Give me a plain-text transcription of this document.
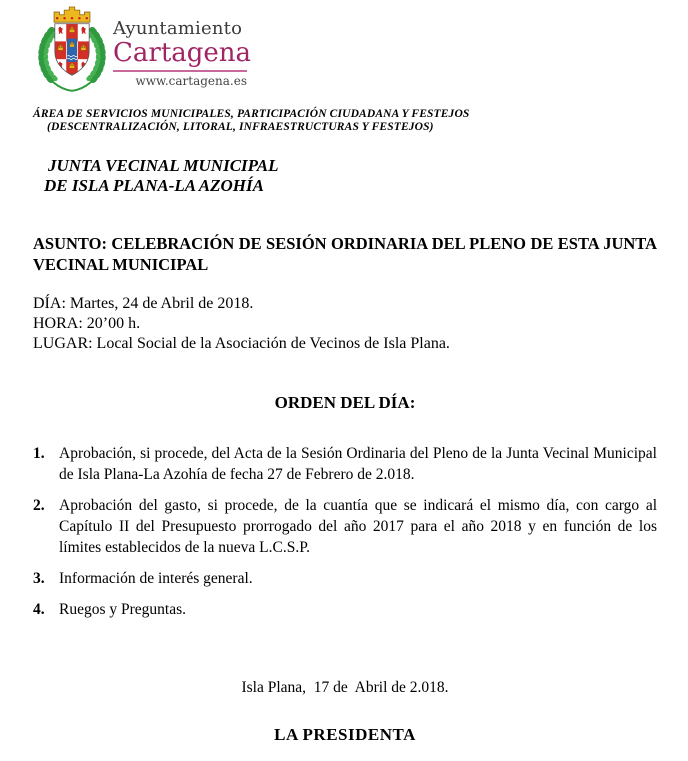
Ayuntamiento
Cartagena
www.cartagena.es
ÁREA DE SERVICIOS MUNICIPALES, PARTICIPACIÓN CIUDADANA Y FESTEJOS
(DESCENTRALIZACIÓN, LITORAL, INFRAESTRUCTURAS Y FESTEJOS)
JUNTA VECINAL MUNICIPAL
DE ISLA PLANA-LA AZOHÍA

ASUNTO: CELEBRACIÓN DE SESIÓN ORDINARIA DEL PLENO DE ESTA JUNTA VECINAL MUNICIPAL

DÍA: Martes, 24 de Abril de 2018.
HORA: 20’00 h.
LUGAR: Local Social de la Asociación de Vecinos de Isla Plana.
ORDEN DEL DÍA:
1. Aprobación, si procede, del Acta de la Sesión Ordinaria del Pleno de la Junta Vecinal Municipal de Isla Plana-La Azohía de fecha 27 de Febrero de 2.018.
2. Aprobación del gasto, si procede, de la cuantía que se indicará el mismo día, con cargo al Capítulo II del Presupuesto prorrogado del año 2017 para el año 2018 y en función de los límites establecidos de la nueva L.C.S.P.
3. Información de interés general.
4. Ruegos y Preguntas.
Isla Plana,  17 de  Abril de 2.018.
LA PRESIDENTA
